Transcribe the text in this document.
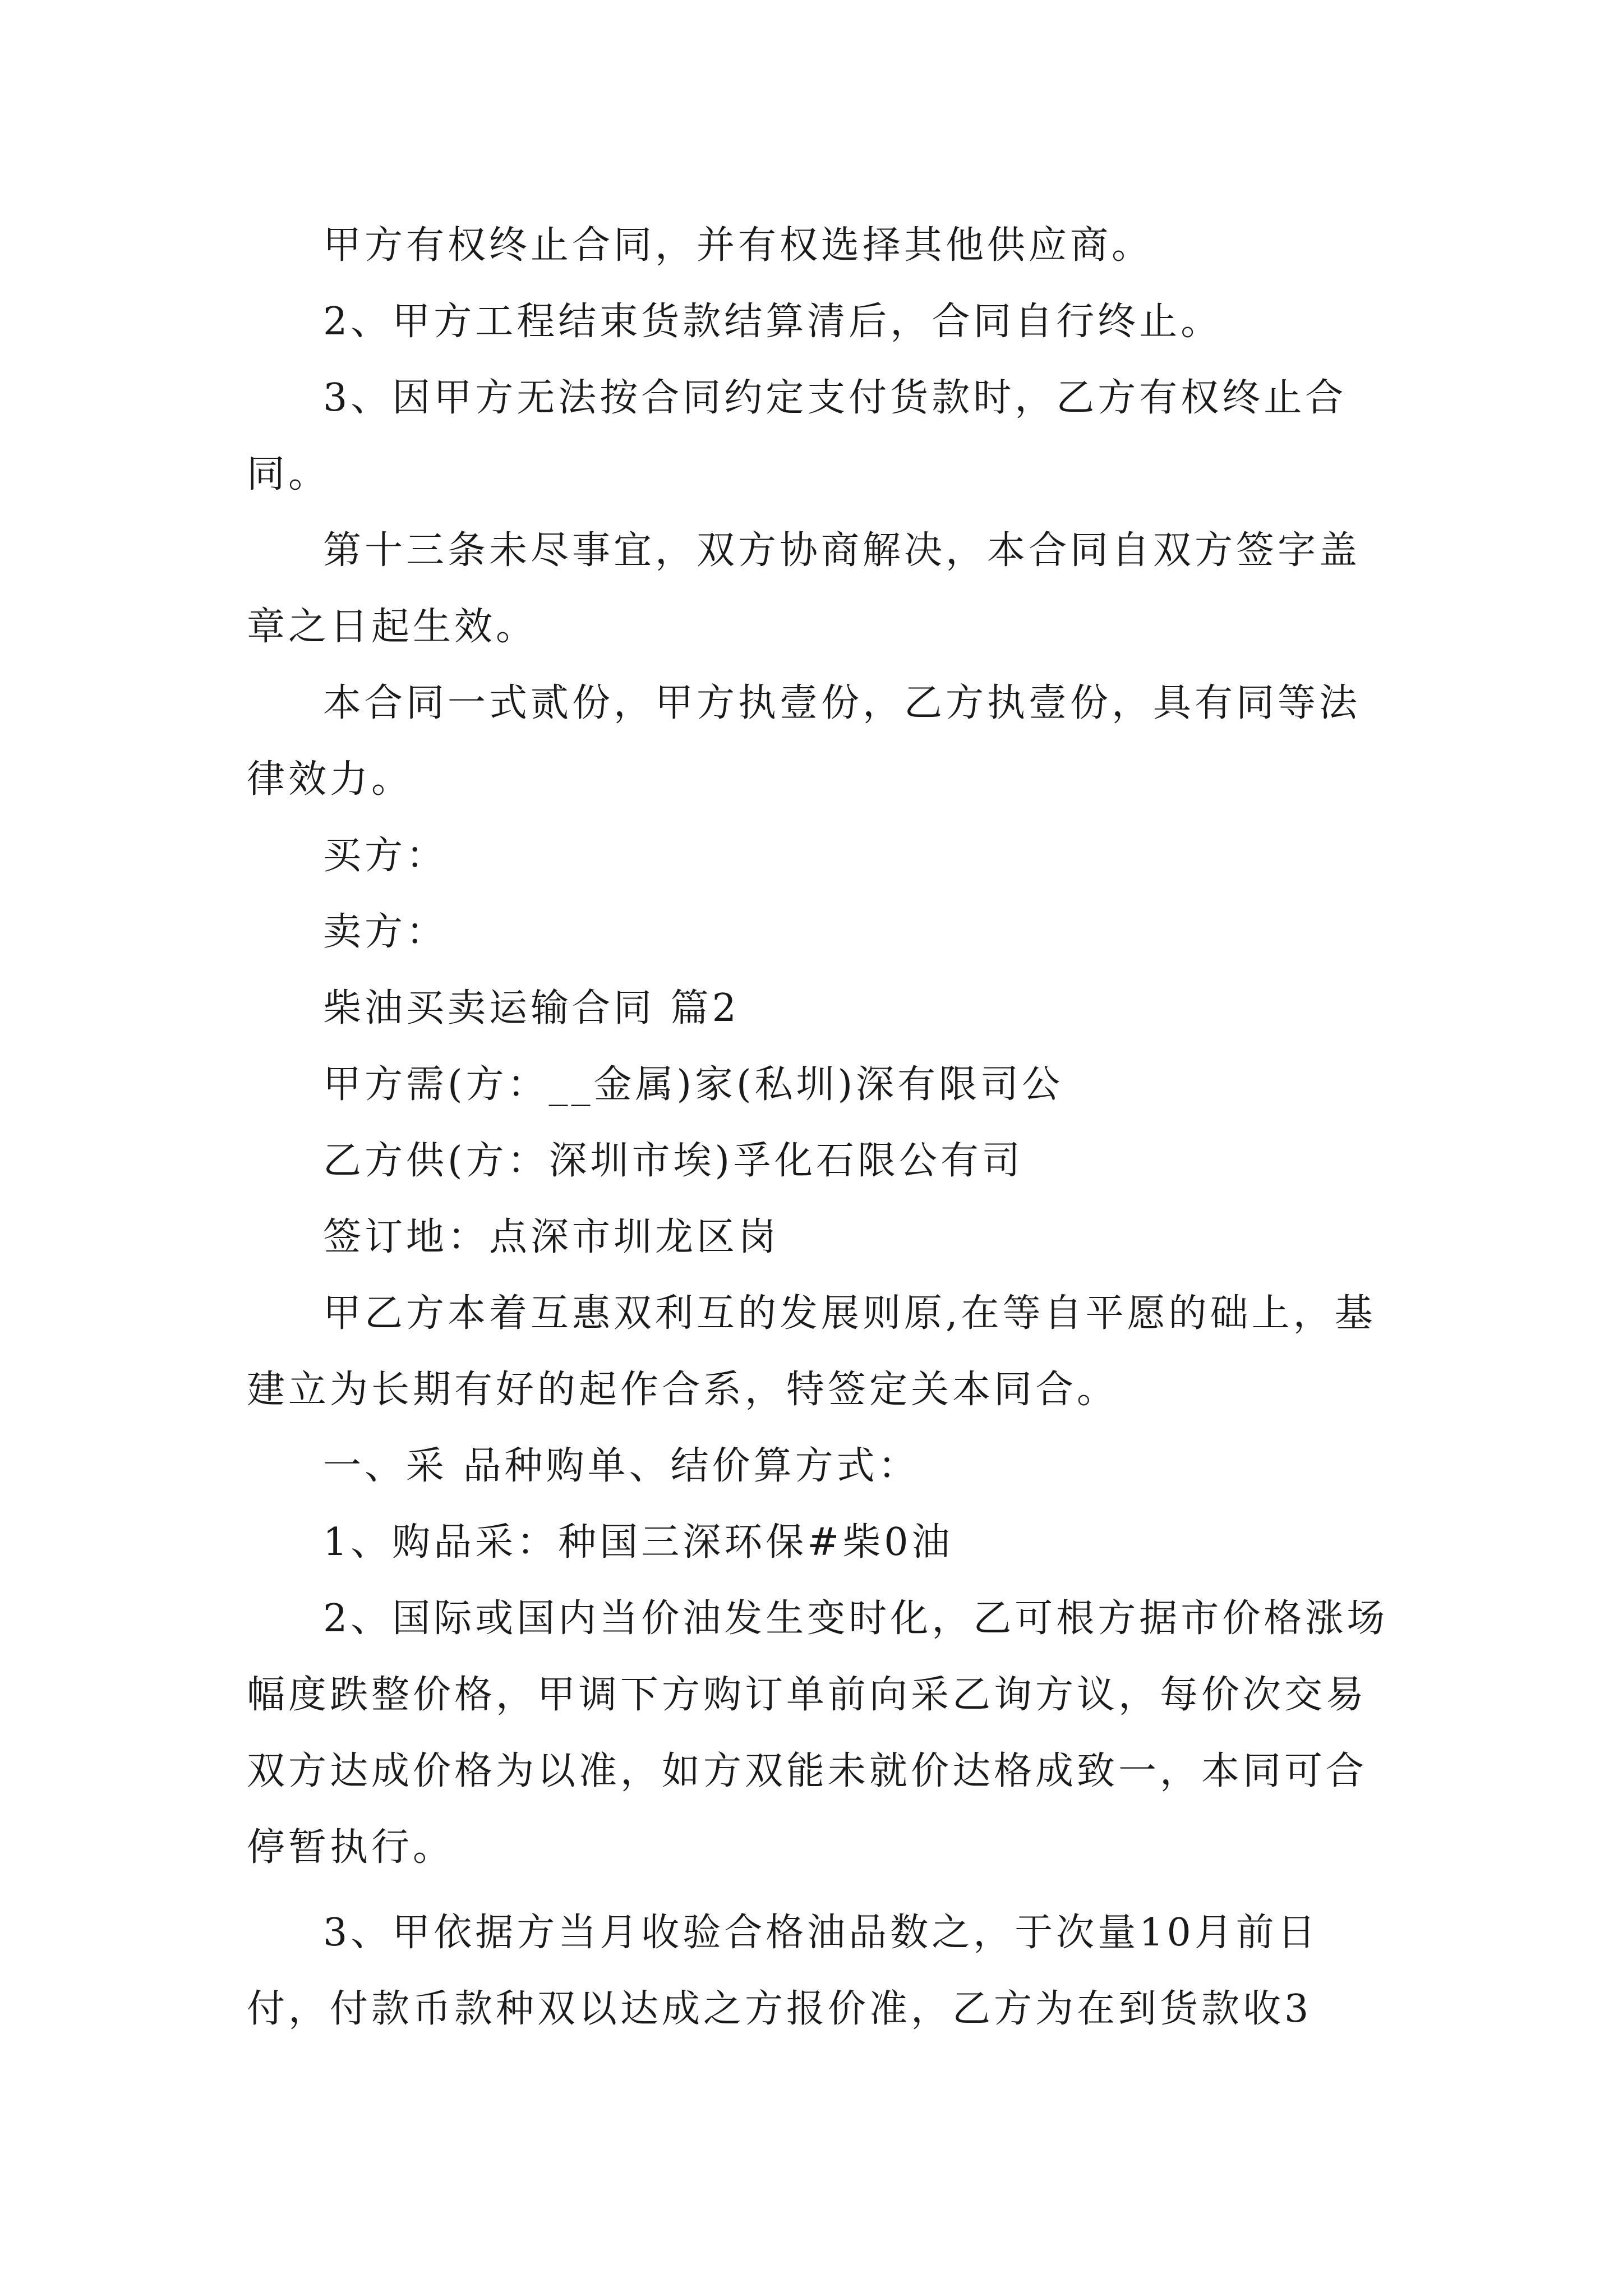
甲方有权终止合同，并有权选择其他供应商。

2、甲方工程结束货款结算清后，合同自行终止。

3、因甲方无法按合同约定支付货款时，乙方有权终止合同。

第十三条未尽事宜，双方协商解决，本合同自双方签字盖章之日起生效。

本合同一式贰份，甲方执壹份，乙方执壹份，具有同等法律效力。

买方：

卖方：

柴油买卖运输合同 篇2

甲方需(方：__金属)家(私圳)深有限司公

乙方供(方：深圳市埃)孚化石限公有司

签订地：点深市圳龙区岗

甲乙方本着互惠双利互的发展则原,在等自平愿的础上，基建立为长期有好的起作合系，特签定关本同合。

一、采 品种购单、结价算方式：

1、购品采：种国三深环保#柴0油

2、国际或国内当价油发生变时化，乙可根方据市价格涨场幅度跌整价格，甲调下方购订单前向采乙询方议，每价次交易双方达成价格为以准，如方双能未就价达格成致一，本同可合停暂执行。

3、甲依据方当月收验合格油品数之，于次量10月前日付，付款币款种双以达成之方报价准，乙方为在到货款收3
